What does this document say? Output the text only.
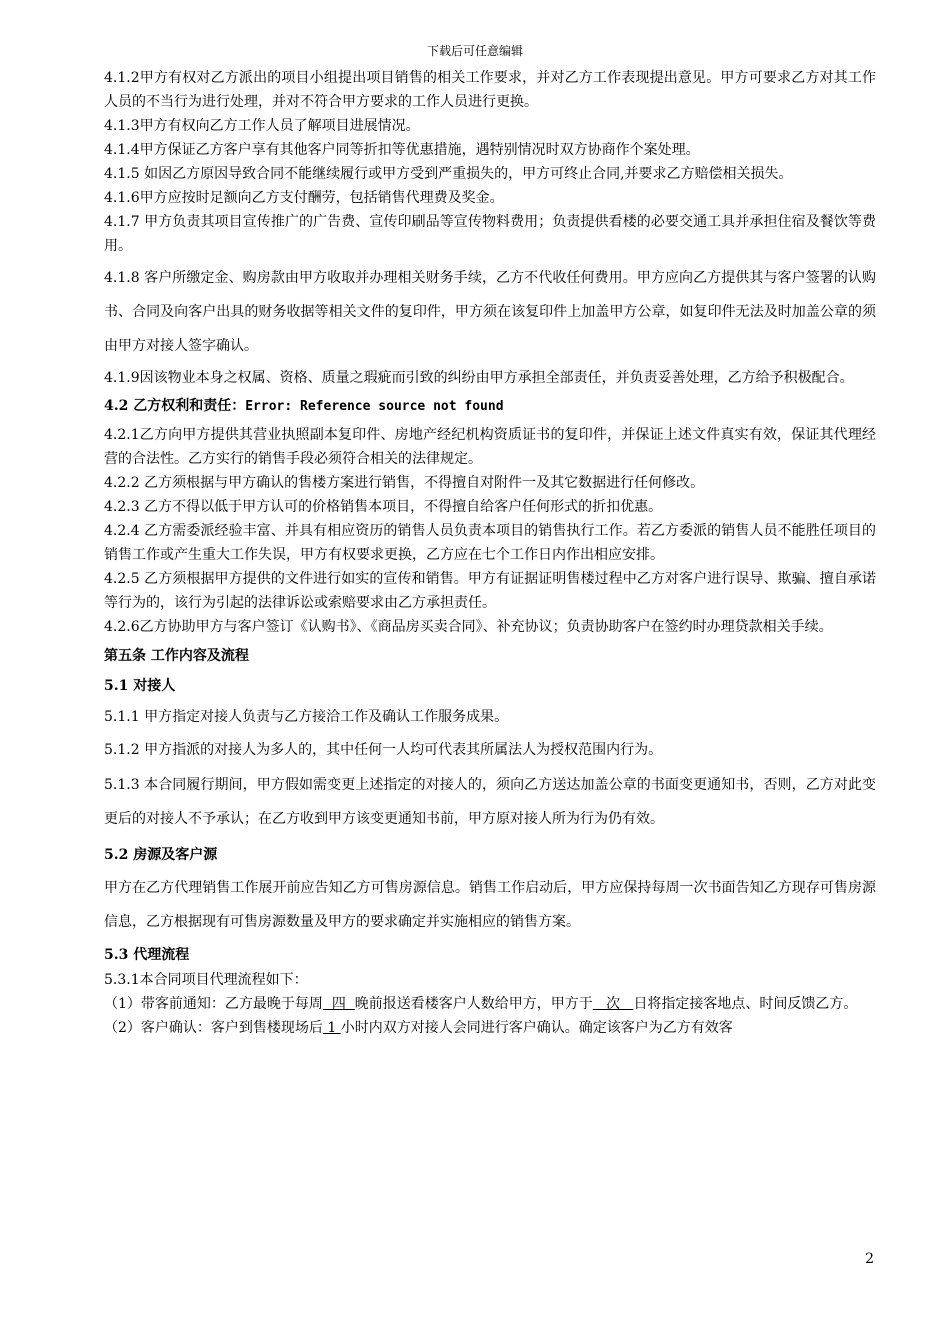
下载后可任意编辑

4.1.2甲方有权对乙方派出的项目小组提出项目销售的相关工作要求，并对乙方工作表现提出意见。甲方可要求乙方对其工作人员的不当行为进行处理，并对不符合甲方要求的工作人员进行更换。

4.1.3甲方有权向乙方工作人员了解项目进展情况。

4.1.4甲方保证乙方客户享有其他客户同等折扣等优惠措施，遇特别情况时双方协商作个案处理。

4.1.5 如因乙方原因导致合同不能继续履行或甲方受到严重损失的，甲方可终止合同,并要求乙方赔偿相关损失。

4.1.6甲方应按时足额向乙方支付酬劳，包括销售代理费及奖金。

4.1.7 甲方负责其项目宣传推广的广告费、宣传印刷品等宣传物料费用；负责提供看楼的必要交通工具并承担住宿及餐饮等费用。

4.1.8 客户所缴定金、购房款由甲方收取并办理相关财务手续，乙方不代收任何费用。甲方应向乙方提供其与客户签署的认购书、合同及向客户出具的财务收据等相关文件的复印件，甲方须在该复印件上加盖甲方公章，如复印件无法及时加盖公章的须由甲方对接人签字确认。

4.1.9因该物业本身之权属、资格、质量之瑕疵而引致的纠纷由甲方承担全部责任，并负责妥善处理，乙方给予积极配合。

4.2 乙方权利和责任：Error: Reference source not found

4.2.1乙方向甲方提供其营业执照副本复印件、房地产经纪机构资质证书的复印件，并保证上述文件真实有效，保证其代理经营的合法性。乙方实行的销售手段必须符合相关的法律规定。

4.2.2 乙方须根据与甲方确认的售楼方案进行销售，不得擅自对附件一及其它数据进行任何修改。

4.2.3 乙方不得以低于甲方认可的价格销售本项目，不得擅自给客户任何形式的折扣优惠。

4.2.4 乙方需委派经验丰富、并具有相应资历的销售人员负责本项目的销售执行工作。若乙方委派的销售人员不能胜任项目的销售工作或产生重大工作失误，甲方有权要求更换，乙方应在七个工作日内作出相应安排。

4.2.5 乙方须根据甲方提供的文件进行如实的宣传和销售。甲方有证据证明售楼过程中乙方对客户进行误导、欺骗、擅自承诺等行为的，该行为引起的法律诉讼或索赔要求由乙方承担责任。

4.2.6乙方协助甲方与客户签订《认购书》、《商品房买卖合同》、补充协议；负责协助客户在签约时办理贷款相关手续。

第五条 工作内容及流程

5.1 对接人

5.1.1 甲方指定对接人负责与乙方接洽工作及确认工作服务成果。

5.1.2 甲方指派的对接人为多人的，其中任何一人均可代表其所属法人为授权范围内行为。

5.1.3 本合同履行期间，甲方假如需变更上述指定的对接人的，须向乙方送达加盖公章的书面变更通知书，否则，乙方对此变更后的对接人不予承认；在乙方收到甲方该变更通知书前，甲方原对接人所为行为仍有效。

5.2 房源及客户源

甲方在乙方代理销售工作展开前应告知乙方可售房源信息。销售工作启动后，甲方应保持每周一次书面告知乙方现存可售房源信息，乙方根据现有可售房源数量及甲方的要求确定并实施相应的销售方案。

5.3 代理流程

5.3.1本合同项目代理流程如下：

（1）带客前通知：乙方最晚于每周  四  晚前报送看楼客户人数给甲方，甲方于   次   日将指定接客地点、时间反馈乙方。

（2）客户确认：客户到售楼现场后 1 小时内双方对接人会同进行客户确认。确定该客户为乙方有效客

2
